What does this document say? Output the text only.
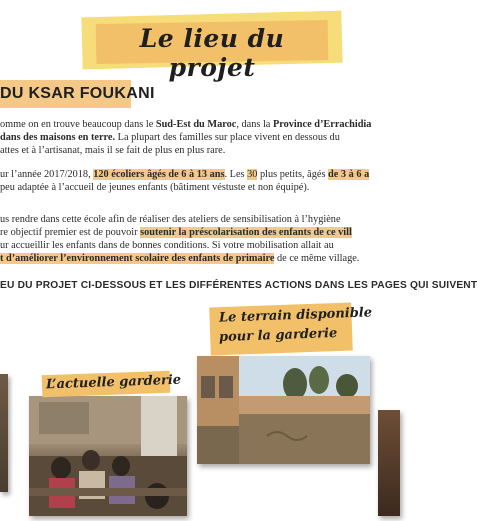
Le lieu du projet
DU KSAR FOUKANI
omme on en trouve beaucoup dans le Sud-Est du Maroc, dans la Province d’Errachidia
dans des maisons en terre. La plupart des familles sur place vivent en dessous du
attes et à l’artisanat, mais il se fait de plus en plus rare.
ur l’année 2017/2018, 120 écoliers âgés de 6 à 13 ans. Les 30 plus petits, âgés de 3 à 6 a
peu adaptée à l’accueil de jeunes enfants (bâtiment véstuste et non équipé).
us rendre dans cette école afin de réaliser des ateliers de sensibilisation à l’hygiène
re objectif premier est de pouvoir soutenir la préscolarisation des enfants de ce vill
ur accueillir les enfants dans de bonnes conditions. Si votre mobilisation allait au
t d’améliorer l’environnement scolaire des enfants de primaire de ce même village.
EU DU PROJET CI-DESSOUS ET LES DIFFÉRENTES ACTIONS DANS LES PAGES QUI SUIVENT
Le terrain disponible
pour la garderie
L’actuelle garderie
